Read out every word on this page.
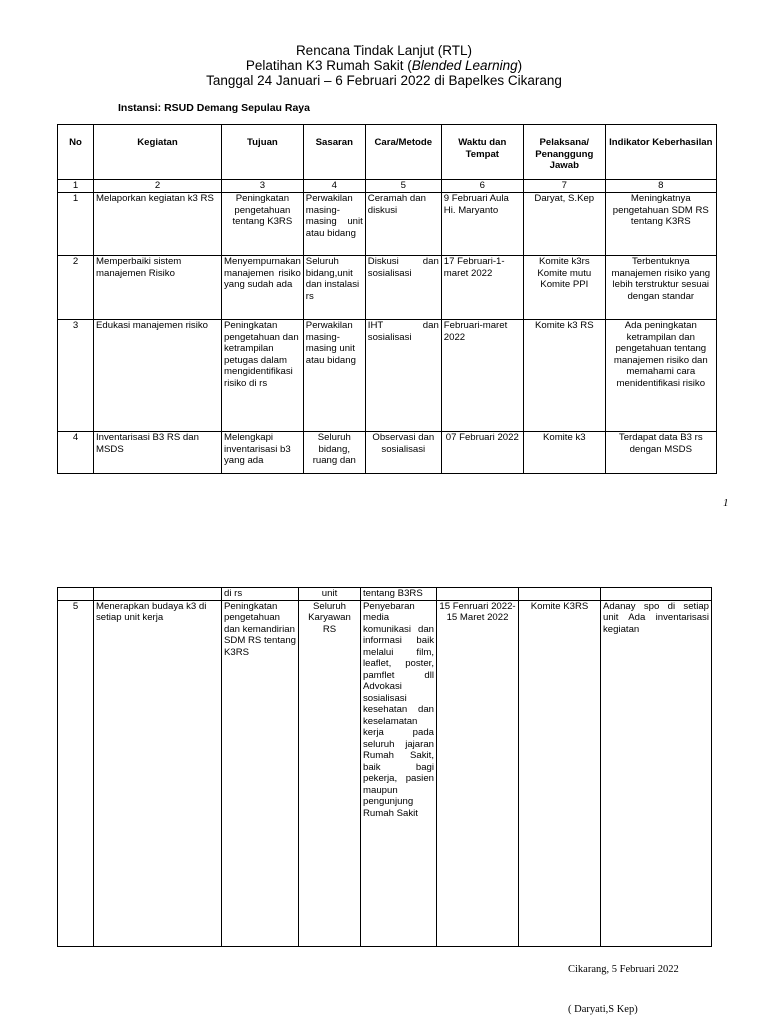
Rencana Tindak Lanjut (RTL)
Pelatihan K3 Rumah Sakit (Blended Learning)
Tanggal 24 Januari – 6 Februari 2022 di Bapelkes Cikarang
Instansi: RSUD Demang Sepulau Raya
No	Kegiatan	Tujuan	Sasaran	Cara/Metode	Waktu dan Tempat	Pelaksana/ Penanggung Jawab	Indikator Keberhasilan
1	2	3	4	5	6	7	8
1	Melaporkan kegiatan k3 RS	Peningkatan pengetahuan tentang K3RS	Perwakilan masing-masing unit atau bidang	Ceramah dan diskusi	9 Februari Aula Hi. Maryanto	Daryat, S.Kep	Meningkatnya pengetahuan SDM RS tentang K3RS
2	Memperbaiki sistem manajemen Risiko	Menyempurnakan manajemen risiko yang sudah ada	Seluruh bidang,unit dan instalasi rs	Diskusi dan sosialisasi	17 Februari-1-maret 2022	Komite k3rs Komite mutu Komite PPI	Terbentuknya manajemen risiko yang lebih terstruktur sesuai dengan standar
3	Edukasi manajemen risiko	Peningkatan pengetahuan dan ketrampilan petugas dalam mengidentifikasi risiko di rs	Perwakilan masing-masing unit atau bidang	IHT dan sosialisasi	Februari-maret 2022	Komite k3 RS	Ada peningkatan ketrampilan dan pengetahuan tentang manajemen risiko dan memahami cara menidentifikasi risiko
4	Inventarisasi B3 RS dan MSDS	Melengkapi inventarisasi b3 yang ada	Seluruh bidang, ruang dan	Observasi dan sosialisasi	07 Februari 2022	Komite k3	Terdapat data B3 rs dengan MSDS
1
		di rs	unit	tentang B3RS			
5	Menerapkan budaya k3 di setiap unit kerja	Peningkatan pengetahuan dan kemandirian SDM RS tentang K3RS	Seluruh Karyawan RS	Penyebaran media komunikasi dan informasi baik melalui film, leaflet, poster, pamflet dll Advokasi sosialisasi kesehatan dan keselamatan kerja pada seluruh jajaran Rumah Sakit, baik bagi pekerja, pasien maupun pengunjung Rumah Sakit	15 Fenruari 2022-15 Maret 2022	Komite K3RS	Adanay spo di setiap unit Ada inventarisasi kegiatan
Cikarang, 5 Februari 2022
( Daryati,S Kep)
